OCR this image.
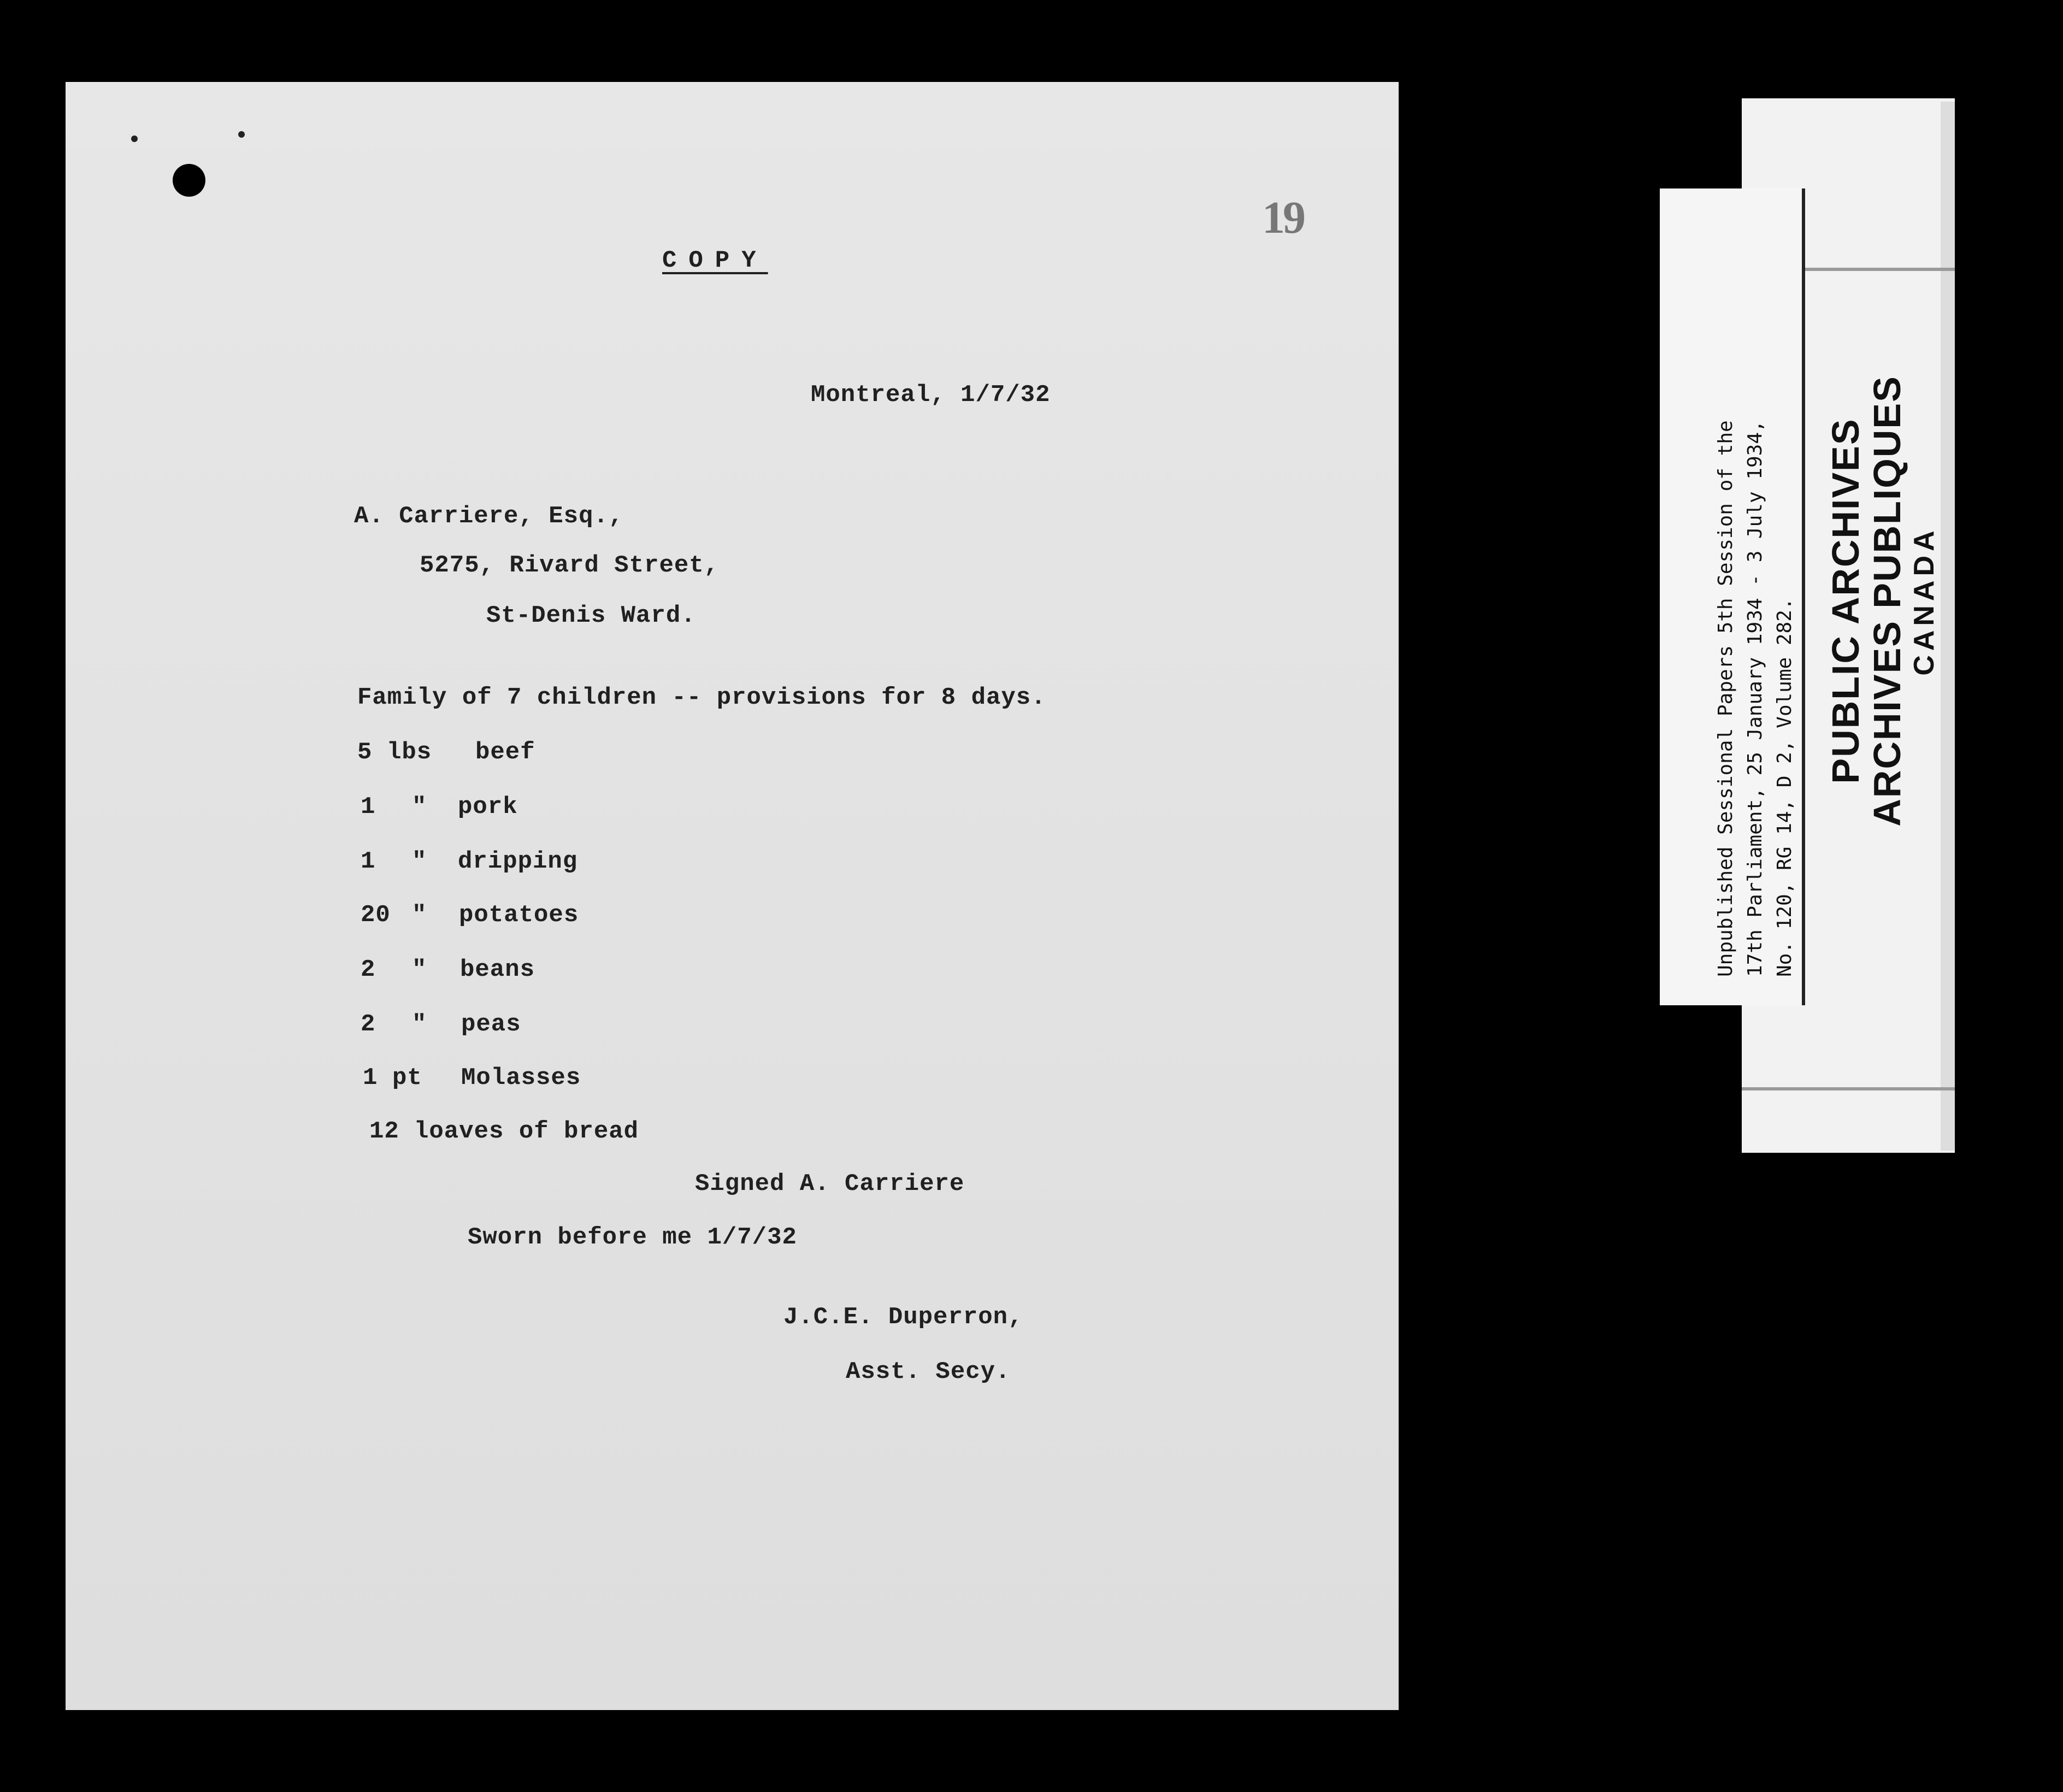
19
COPY
Montreal, 1/7/32
A. Carriere, Esq.,
5275, Rivard Street,
St-Denis Ward.
Family of 7 children -- provisions for 8 days.
5 lbs beef
1 " pork
1 " dripping
20 " potatoes
2 " beans
2 " peas
1 pt Molasses
12 loaves of bread
Signed A. Carriere
Sworn before me 1/7/32
J.C.E. Duperron,
Asst. Secy.
PUBLIC ARCHIVES
ARCHIVES PUBLIQUES CANADA
Unpublished Sessional Papers 5th Session of the 17th Parliament, 25 January 1934 - 3 July 1934, No. 120, RG 14, D 2, Volume 282.
